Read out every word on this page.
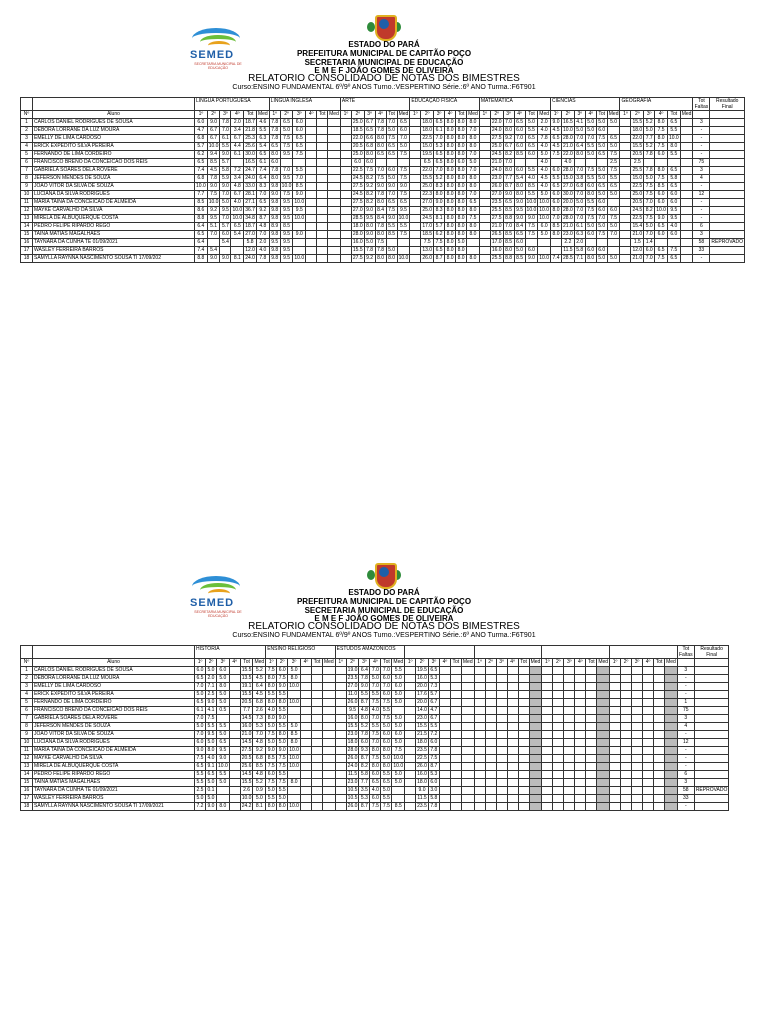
SEMED
SECRETARIA MUNICIPAL DE EDUCAÇÃO
ESTADO DO PARÁ
PREFEITURA MUNICIPAL DE CAPITÃO POÇO
SECRETARIA MUNICIPAL DE EDUCAÇÃO
E M E F JOÃO GOMES DE OLIVEIRA
RELATORIO CONSOLIDADO DE NOTAS DOS BIMESTRES
Curso:ENSINO FUNDAMENTAL 6º/9º ANOS Turno.:VESPERTINO Série.:6º ANO Turma.:F6T901
		LINGUA PORTUGUESA						LINGUA INGLESA						ARTE						EDUCAÇÃO FISICA						MATEMATICA						CIENCIAS						GEOGRAFIA						Tot Faltas	Resultado Final
Nº	Aluno	1º	2º	3º	4º	Tot	Med	1º	2º	3º	4º	Tot	Med	1º	2º	3º	4º	Tot	Med	1º	2º	3º	4º	Tot	Med	1º	2º	3º	4º	Tot	Med	1º	2º	3º	4º	Tot	Med	1º	2º	3º	4º	Tot	Med		
1	CARLOS DANIEL RODRIGUES DE SOUSA	6.0	9.0	7.8	2.0	18.7	4.6	7.8	6.5	6.0					25.0	6.7	7.8	7.0	6.5		18.0	6.5	8.0	8.0	8.0		22.0	7.0	6.5	5.0	2.0	9.0	16.5	4.1	5.0	5.0	5.0		15.5	5.2	8.0	6.5		3	
2	DEBORA LORRANE DA LUZ MOURA	4.7	6.7	7.0	3.4	21.8	5.5	7.8	5.0	6.0					18.5	6.5	7.8	5.0	6.0		18.0	6.1	8.0	8.0	7.0		24.0	8.0	6.0	5.5	4.0	4.5	10.0	5.0	5.0	6.0			18.0	5.0	7.5	5.5		-	
3	EMELLY DE LIMA CARDOSO	6.8	6.7	6.1	6.7	25.3	6.3	7.8	7.5	6.5					22.0	6.6	8.0	7.5	7.0		22.5	7.0	8.0	8.0	8.0		27.5	9.2	7.0	6.5	7.8	6.5	28.0	7.0	7.0	7.5	6.5		22.0	7.7	8.0	10.0		-	
4	ERICK EXPEDITO SILVA PEREIRA	5.7	10.0	5.5	4.4	25.6	5.4	6.5	7.5	6.5					20.5	6.8	8.0	6.5	5.0		15.0	5.3	8.0	8.0	8.0		25.0	6.7	6.0	6.5	4.0	4.5	21.0	6.4	5.5	5.0	5.0		15.5	5.2	7.5	8.0		-	
5	FERNANDO DE LIMA CORDEIRO	6.2	9.4	9.0	6.1	30.0	6.5	8.0	9.5	7.5					25.0	8.0	6.5	6.5	7.5		19.5	6.5	8.0	8.0	7.0		24.5	8.2	8.5	6.0	5.0	7.5	22.0	8.0	5.0	6.5	7.5		20.5	7.8	6.0	5.5		-	
6	FRANCISCO BRENO DA CONCEICAO DOS REIS	6.5	8.5	5.7		16.5	6.1	6.0							6.0	6.0					6.5	6.5	8.0	6.0	5.0		21.0	7.0			4.0		4.0				2.5		2.5					75	
7	GABRIELA SOARES DELA ROVERE	7.4	4.5	5.8	7.2	24.7	7.4	7.8	7.0	5.5					22.5	7.5	7.0	6.0	7.5		22.0	7.0	8.0	8.0	7.0		24.0	8.0	6.0	5.5	4.0	6.0	28.0	7.0	7.5	5.0	7.5		25.5	7.8	8.0	6.5		3	
8	JEFERSON MENDES DE SOUZA	6.8	7.8	5.9	3.4	24.0	6.4	8.0	9.5	7.0					24.5	8.2	7.5	5.0	7.5		15.5	5.2	8.0	8.0	8.0		23.0	7.7	5.4	4.0	4.5	5.5	15.0	3.8	5.5	5.0	5.5		15.0	5.0	7.5	5.8		4	
9	JOAO VITOR DA SILVA DE SOUZA	10.0	9.0	9.0	4.8	33.0	8.3	9.8	10.0	8.5					27.5	9.2	9.0	9.0	9.0		25.0	8.3	8.0	8.0	8.0		26.0	8.7	8.0	8.5	4.0	6.5	27.0	6.8	6.0	6.5	6.5		22.5	7.5	8.5	6.5		-	
10	LUCIANA DA SILVA RODRIGUES	7.7	7.5	7.0	6.7	28.1	7.0	9.0	7.5	9.0					24.5	8.2	7.8	7.0	7.5		22.3	8.0	8.0	8.0	7.0		27.0	9.0	8.0	5.5	5.0	6.0	30.0	7.0	8.0	5.0	5.0		25.0	7.5	6.0	6.0		12	
11	MARIA TAINA DA CONCEICAO DE ALMEIDA	8.5	10.0	5.0	4.0	27.1	6.5	9.8	9.5	10.0					27.5	8.2	8.0	6.5	6.5		27.0	9.0	8.0	8.0	6.5		23.5	6.5	9.0	10.0	10.0	6.0	20.0	5.0	5.5	6.0			20.5	7.0	6.0	6.0		-	
12	MAYKE CARVALHO DA SILVA	8.6	9.2	9.5	10.0	36.7	9.2	9.8	9.5	9.5					27.0	9.0	8.4	7.5	9.5		25.0	8.3	8.0	8.0	8.0		25.5	8.5	9.5	10.0	10.0	8.0	28.0	7.0	7.5	6.0	6.0		24.5	8.2	10.0	9.5		-	
13	MIRELA DE ALBUQUERQUE COSTA	8.8	9.5	7.0	10.0	34.8	8.7	9.8	9.5	10.0					28.5	9.5	8.4	9.0	10.0		24.5	8.1	8.0	8.0	7.5		27.5	8.8	9.0	9.0	10.0	7.0	28.0	7.0	7.5	7.0	7.5		22.5	7.5	9.0	9.5		-	
14	PEDRO FELIPE RIPARDO REGO	6.4	5.1	5.7	6.5	18.7	4.8	8.9	8.5						18.0	8.0	7.8	5.5	5.5		17.0	5.7	8.0	8.0	8.0		21.0	7.0	8.4	7.5	6.0	8.5	21.0	6.1	5.0	5.0	5.0		15.4	5.0	6.5	4.0		6	
15	TAINA MATIAS MAGALHAES	6.5	7.0	6.0	5.4	27.0	7.0	9.8	9.5	9.0					28.0	9.0	8.0	8.5	7.5		18.5	6.2	8.0	8.0	8.0		26.5	8.5	6.5	7.5	5.0	8.0	23.0	6.3	6.0	7.5	7.0		21.0	7.0	6.0	6.0		3	
16	TAYNARA DA CUNHA TE 01/09/2021	6.4		5.4		5.8	2.0	9.5	9.5						16.0	5.0	7.5				7.5	7.5	8.0	5.0			17.0	8.5	6.0				2.2	2.0					1.5	1.4				58	REPROVADO
17	WASLEY FERREIRA BARROS	7.4	5.4			12.0	4.0	9.8	9.5						15.5	7.8	7.8	5.0			13.0	6.5	8.0	8.0			16.0	8.0	5.0	6.0			11.5	5.8	6.0	6.0			12.0	6.0	6.5	7.5		33	
18	SAMYLLA RAYNNA NASCIMENTO SOUSA TI 17/09/202	8.8	9.0	9.0	8.1	24.0	7.8	9.8	9.5	10.0					27.5	9.2	8.0	8.0	10.0		26.0	8.7	8.0	8.0	8.0		25.5	8.8	8.5	9.0	10.0	7.4	28.5	7.1	8.0	5.0	5.0		21.0	7.0	7.5	6.5		-	
SEMED
SECRETARIA MUNICIPAL DE EDUCAÇÃO
ESTADO DO PARÁ
PREFEITURA MUNICIPAL DE CAPITÃO POÇO
SECRETARIA MUNICIPAL DE EDUCAÇÃO
E M E F JOÃO GOMES DE OLIVEIRA
RELATORIO CONSOLIDADO DE NOTAS DOS BIMESTRES
Curso:ENSINO FUNDAMENTAL 6º/9º ANOS Turno.:VESPERTINO Série.:6º ANO Turma.:F6T901
		HISTORIA						ENSINO RELIGIOSO						ESTUDOS AMAZONICOS																														Tot Faltas	Resultado Final
Nº	Aluno	1º	2º	3º	4º	Tot	Med	1º	2º	3º	4º	Tot	Med	1º	2º	3º	4º	Tot	Med	1º	2º	3º	4º	Tot	Med	1º	2º	3º	4º	Tot	Med	1º	2º	3º	4º	Tot	Med	1º	2º	3º	4º	Tot	Med		
1	CARLOS DANIEL RODRIGUES DE SOUSA	6.0	5.0	6.0		15.5	5.2	7.5	6.0	5.0					19.0	6.4	7.0	7.0	5.5		19.5	6.5																						3	
2	DEBORA LORRANE DA LUZ MOURA	6.5	2.0	5.0		13.5	4.5	8.0	7.5	8.0					23.5	7.8	5.0	6.0	5.0		16.0	5.3																						-	
3	EMELLY DE LIMA CARDOSO	7.0	7.1	8.0		19.1	6.4	8.0	9.0	10.0					27.0	9.0	7.0	7.0	6.0		20.0	7.3																						-	
4	ERICK EXPEDITO SILVA PEREIRA	5.0	2.5	5.0		15.5	4.5	5.5	5.5						11.0	5.5	5.5	6.0	5.0		17.6	5.7																						-	
5	FERNANDO DE LIMA CORDEIRO	6.5	9.0	5.0		20.5	6.8	8.0	8.0	10.0					26.0	8.7	7.5	7.5	5.0		20.0	6.7																						1	
6	FRANCISCO BRENO DA CONCEICAO DOS REIS	6.1	4.1	0.5		7.7	2.6	4.0	5.5						9.5	4.8	4.0	5.5			14.0	4.7																						75	
7	GABRIELA SOARES DELA ROVERE	7.0	7.5			14.5	7.3	8.0	9.0						16.0	8.0	7.0	7.5	5.0		23.0	6.7																						3	
8	JEFERSON MENDES DE SOUZA	5.0	5.5	5.5		16.0	5.3	5.0	5.5	5.0					15.5	5.2	5.5	5.0	5.0		15.5	5.5																						4	
9	JOAO VITOR DA SILVA DE SOUZA	7.0	9.5	5.0		21.0	7.0	7.5	8.0	8.5					23.0	7.8	7.5	6.0	6.0		21.5	7.2																						-	
10	LUCIANA DA SILVA RODRIGUES	6.0	5.0	6.5		14.5	4.8	5.0	5.0	8.0					18.0	6.0	7.0	6.0	5.0		18.0	6.0																						12	
11	MARIA TAINA DA CONCEICAO DE ALMEIDA	9.0	8.0	9.5		27.5	9.2	9.0	9.0	10.0					28.0	9.3	8.0	8.0	7.5		23.5	7.8																						-	
12	MAYKE CARVALHO DA SILVA	7.5	4.0	9.0		20.5	6.8	8.5	7.5	10.0					26.0	8.7	7.5	5.0	10.0		22.5	7.5																						-	
13	MIRELA DE ALBUQUERQUE COSTA	6.5	9.1	10.0		25.6	8.5	7.5	7.5	10.0					24.0	8.2	8.0	8.0	10.0		26.0	8.7																						-	
14	PEDRO FELIPE RIPARDO REGO	5.5	6.5	5.5		14.5	4.8	6.0	5.5						11.5	5.8	6.0	5.5	5.0		16.0	5.3																						6	
15	TAINA MATIAS MAGALHAES	5.5	5.0	5.0		15.5	5.2	7.5	7.5	8.0					23.0	7.7	6.5	6.5	5.0		18.0	6.0																						3	
16	TAYNARA DA CUNHA TE 01/09/2021	2.5	0.1			2.6	0.9	5.0	5.5						10.5	3.5	4.0	5.0			9.0	3.0																						58	REPROVADO
17	WASLEY FERREIRA BARROS	5.0	5.0			10.0	5.0	5.5	5.0						10.5	5.3	6.0	5.5			11.5	5.8																						33	
18	SAMYLLA RAYNNA NASCIMENTO SOUSA TI 17/09/2021	7.2	9.0	8.0		24.2	8.1	8.0	8.0	10.0					26.0	8.7	7.5	7.5	8.5		23.5	7.8																						-	
